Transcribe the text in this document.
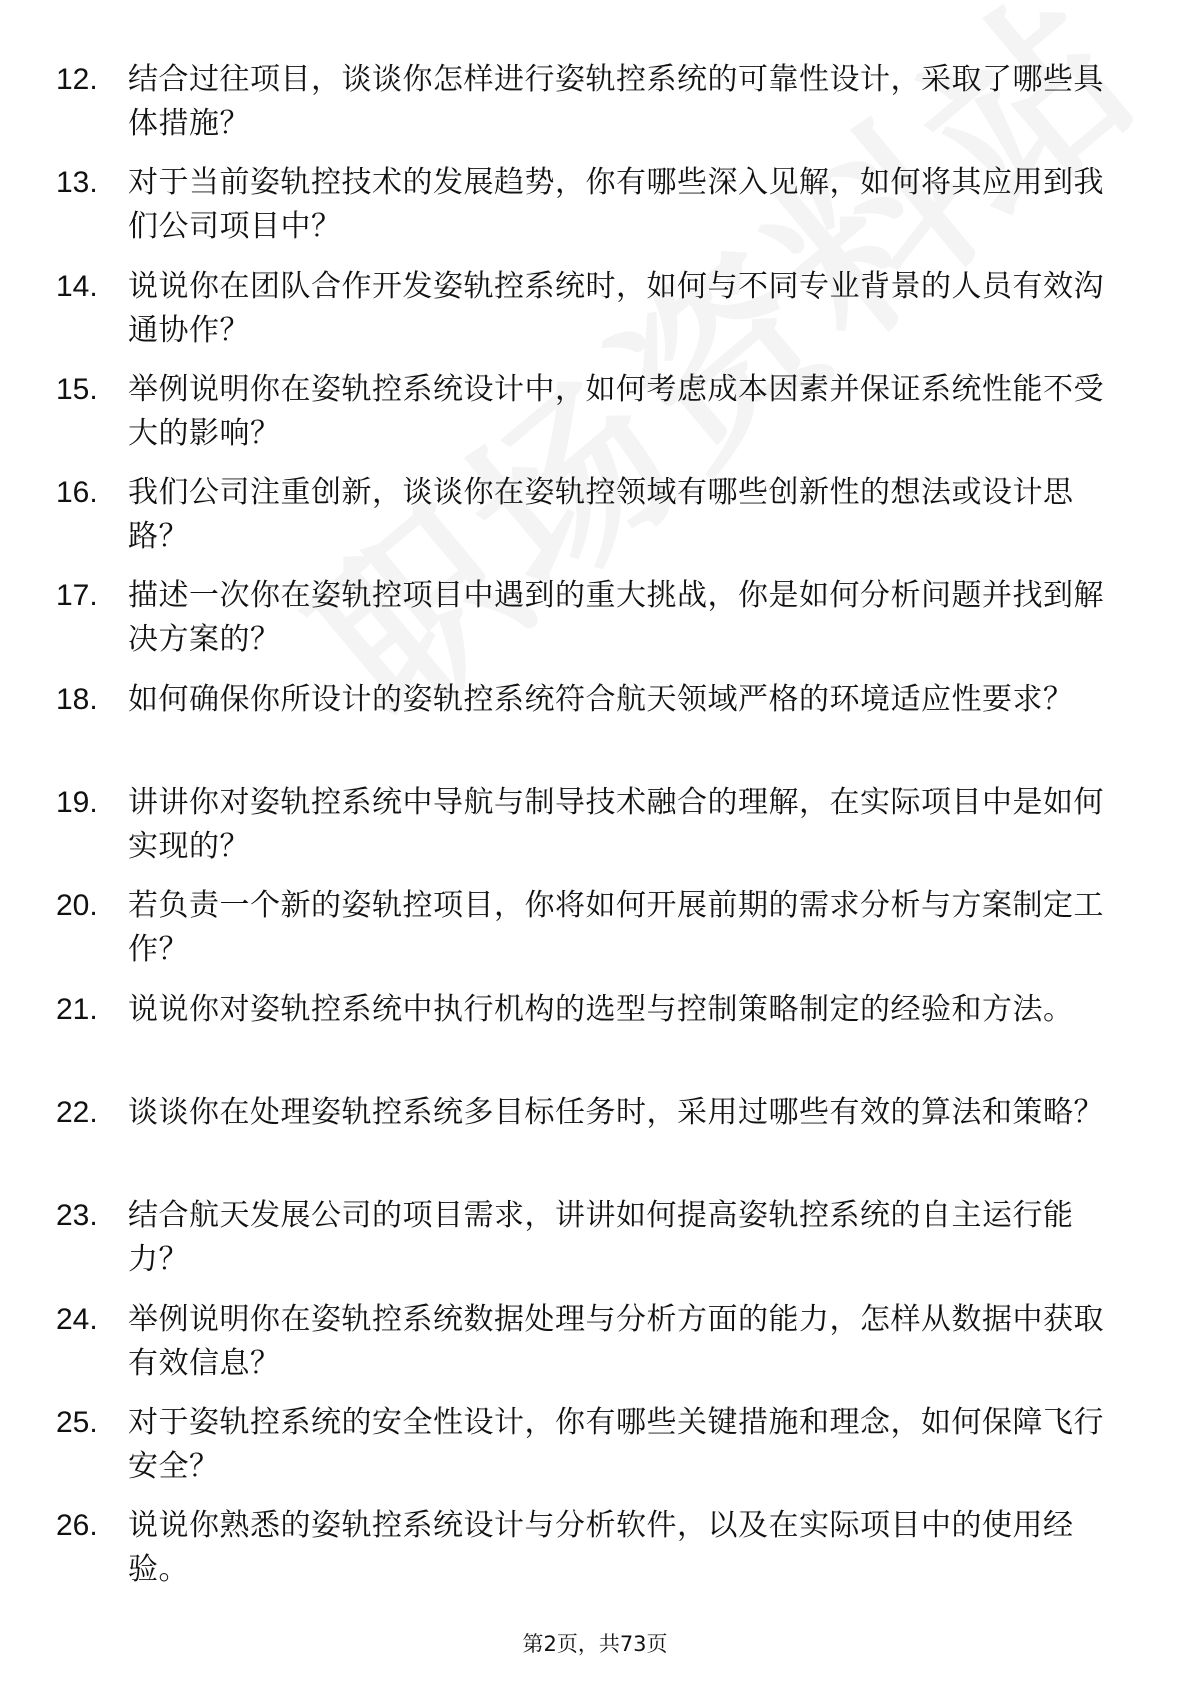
12.	结合过往项目，谈谈你怎样进行姿轨控系统的可靠性设计，采取了哪些具体措施？
13.	对于当前姿轨控技术的发展趋势，你有哪些深入见解，如何将其应用到我们公司项目中？
14.	说说你在团队合作开发姿轨控系统时，如何与不同专业背景的人员有效沟通协作？
15.	举例说明你在姿轨控系统设计中，如何考虑成本因素并保证系统性能不受大的影响？
16.	我们公司注重创新，谈谈你在姿轨控领域有哪些创新性的想法或设计思路？
17.	描述一次你在姿轨控项目中遇到的重大挑战，你是如何分析问题并找到解决方案的？
18.	如何确保你所设计的姿轨控系统符合航天领域严格的环境适应性要求？
19.	讲讲你对姿轨控系统中导航与制导技术融合的理解，在实际项目中是如何实现的？
20.	若负责一个新的姿轨控项目，你将如何开展前期的需求分析与方案制定工作？
21.	说说你对姿轨控系统中执行机构的选型与控制策略制定的经验和方法。
22.	谈谈你在处理姿轨控系统多目标任务时，采用过哪些有效的算法和策略？
23.	结合航天发展公司的项目需求，讲讲如何提高姿轨控系统的自主运行能力？
24.	举例说明你在姿轨控系统数据处理与分析方面的能力，怎样从数据中获取有效信息？
25.	对于姿轨控系统的安全性设计，你有哪些关键措施和理念，如何保障飞行安全？
26.	说说你熟悉的姿轨控系统设计与分析软件，以及在实际项目中的使用经验。
第2页，共73页
